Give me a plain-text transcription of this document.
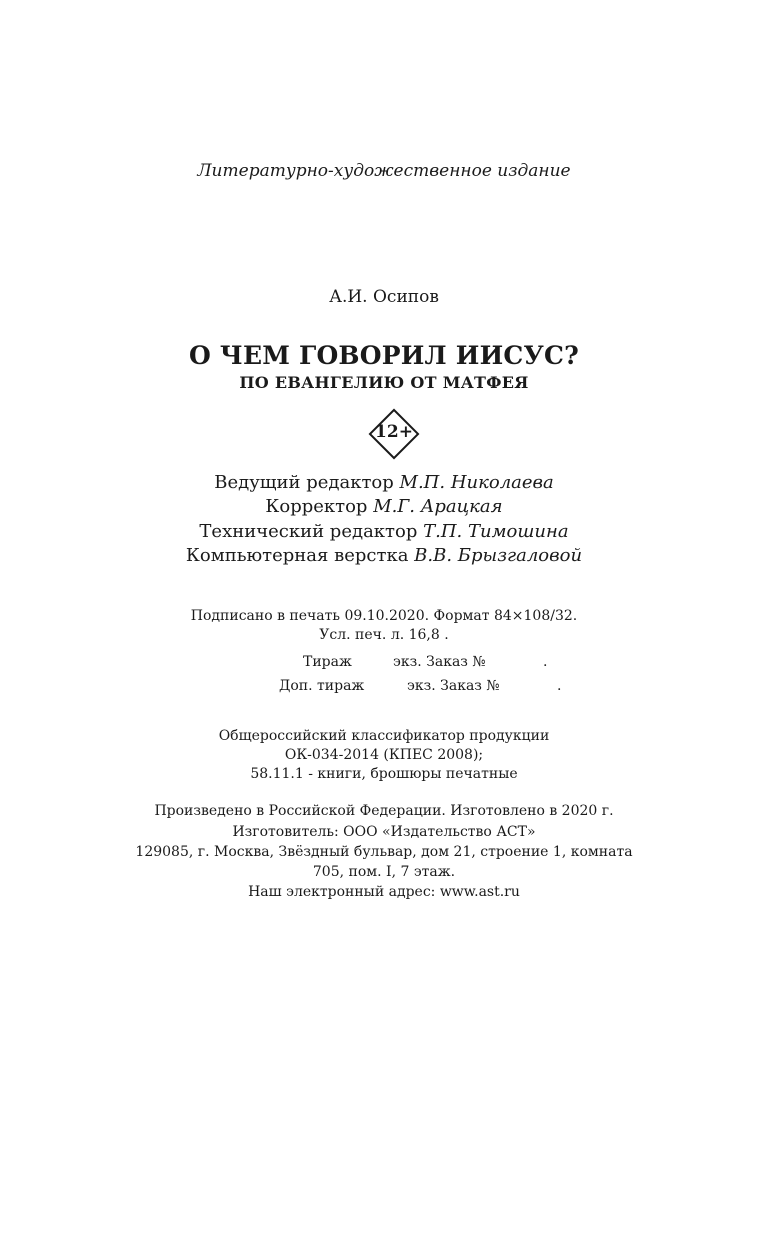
Литературно-художественное издание
А.И. Осипов
О ЧЕМ ГОВОРИЛ ИИСУС?
ПО ЕВАНГЕЛИЮ ОТ МАТФЕЯ
12+
Ведущий редактор М.П. Николаева
Корректор М.Г. Арацкая
Технический редактор Т.П. Тимошина
Компьютерная верстка В.В. Брызгаловой
Подписано в печать 09.10.2020. Формат 84×108/32.
Усл. печ. л. 16,8 .
Тираж	экз. Заказ №	.
Доп. тираж	экз. Заказ №	.
Общероссийский классификатор продукции
ОК-034-2014 (КПЕС 2008);
58.11.1 - книги, брошюры печатные
Произведено в Российской Федерации. Изготовлено в 2020 г.
Изготовитель: ООО «Издательство АСТ»
129085, г. Москва, Звёздный бульвар, дом 21, строение 1, комната
705, пом. I, 7 этаж.
Наш электронный адрес: www.ast.ru
